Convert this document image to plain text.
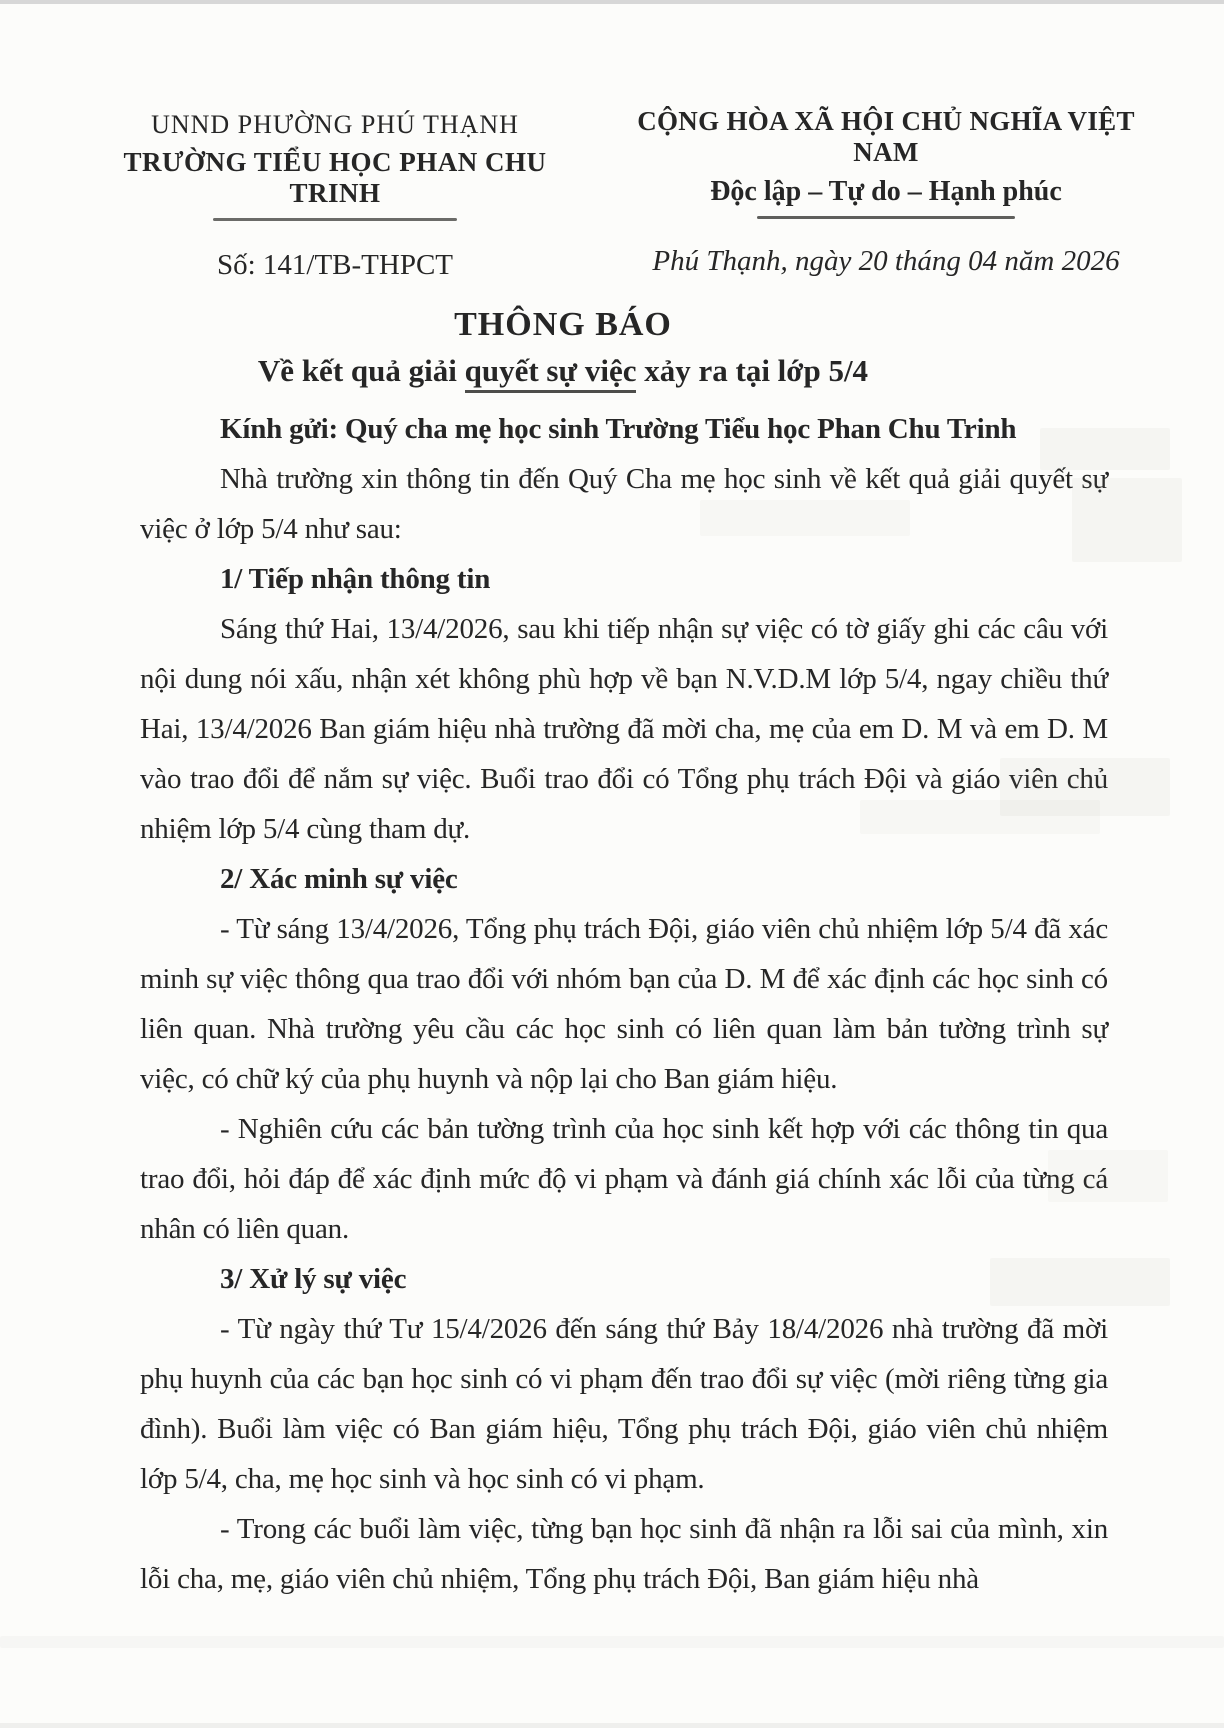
UNND PHƯỜNG PHÚ THẠNH
TRƯỜNG TIỂU HỌC PHAN CHU TRINH
Số: 141/TB-THPCT
CỘNG HÒA XÃ HỘI CHỦ NGHĨA VIỆT NAM
Độc lập – Tự do – Hạnh phúc
Phú Thạnh, ngày 20 tháng 04 năm 2026
THÔNG BÁO
Về kết quả giải quyết sự việc xảy ra tại lớp 5/4

Kính gửi: Quý cha mẹ học sinh Trường Tiểu học Phan Chu Trinh

Nhà trường xin thông tin đến Quý Cha mẹ học sinh về kết quả giải quyết sự việc ở lớp 5/4 như sau:

1/ Tiếp nhận thông tin

Sáng thứ Hai, 13/4/2026, sau khi tiếp nhận sự việc có tờ giấy ghi các câu với nội dung nói xấu, nhận xét không phù hợp về bạn N.V.D.M lớp 5/4, ngay chiều thứ Hai, 13/4/2026 Ban giám hiệu nhà trường đã mời cha, mẹ của em D. M và em D. M vào trao đổi để nắm sự việc. Buổi trao đổi có Tổng phụ trách Đội và giáo viên chủ nhiệm lớp 5/4 cùng tham dự.

2/ Xác minh sự việc

- Từ sáng 13/4/2026, Tổng phụ trách Đội, giáo viên chủ nhiệm lớp 5/4 đã xác minh sự việc thông qua trao đổi với nhóm bạn của D. M để xác định các học sinh có liên quan. Nhà trường yêu cầu các học sinh có liên quan làm bản tường trình sự việc, có chữ ký của phụ huynh và nộp lại cho Ban giám hiệu.

- Nghiên cứu các bản tường trình của học sinh kết hợp với các thông tin qua trao đổi, hỏi đáp để xác định mức độ vi phạm và đánh giá chính xác lỗi của từng cá nhân có liên quan.

3/ Xử lý sự việc

- Từ ngày thứ Tư 15/4/2026 đến sáng thứ Bảy 18/4/2026 nhà trường đã mời phụ huynh của các bạn học sinh có vi phạm đến trao đổi sự việc (mời riêng từng gia đình). Buổi làm việc có Ban giám hiệu, Tổng phụ trách Đội, giáo viên chủ nhiệm lớp 5/4, cha, mẹ học sinh và học sinh có vi phạm.

- Trong các buổi làm việc, từng bạn học sinh đã nhận ra lỗi sai của mình, xin lỗi cha, mẹ, giáo viên chủ nhiệm, Tổng phụ trách Đội, Ban giám hiệu nhà
